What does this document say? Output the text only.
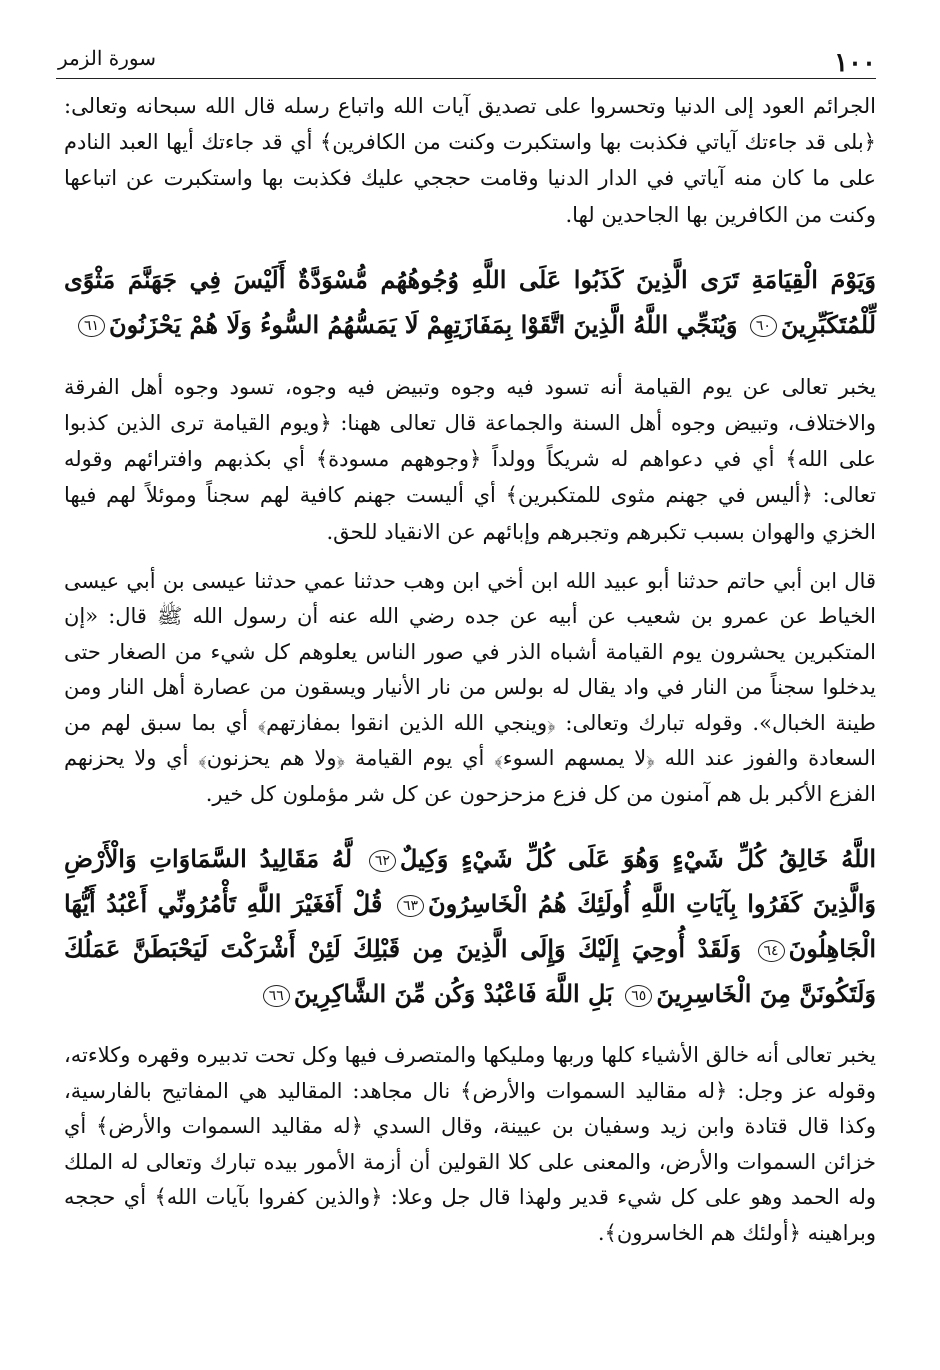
١٠٠
سورة الزمر

الجرائم العود إلى الدنيا وتحسروا على تصديق آيات الله واتباع رسله قال الله سبحانه وتعالى: ﴿بلى قد جاءتك آياتي فكذبت بها واستكبرت وكنت من الكافرين﴾ أي قد جاءتك أيها العبد النادم على ما كان منه آياتي في الدار الدنيا وقامت حججي عليك فكذبت بها واستكبرت عن اتباعها وكنت من الكافرين بها الجاحدين لها.

وَيَوْمَ الْقِيَامَةِ تَرَى الَّذِينَ كَذَبُوا عَلَى اللَّهِ وُجُوهُهُم مُّسْوَدَّةٌ أَلَيْسَ فِي جَهَنَّمَ مَثْوًى لِّلْمُتَكَبِّرِينَ٦٠ وَيُنَجِّي اللَّهُ الَّذِينَ اتَّقَوْا بِمَفَازَتِهِمْ لَا يَمَسُّهُمُ السُّوءُ وَلَا هُمْ يَحْزَنُونَ٦١

يخبر تعالى عن يوم القيامة أنه تسود فيه وجوه وتبيض فيه وجوه، تسود وجوه أهل الفرقة والاختلاف، وتبيض وجوه أهل السنة والجماعة قال تعالى ههنا: ﴿ويوم القيامة ترى الذين كذبوا على الله﴾ أي في دعواهم له شريكاً وولداً ﴿وجوههم مسودة﴾ أي بكذبهم وافترائهم وقوله تعالى: ﴿أليس في جهنم مثوى للمتكبرين﴾ أي أليست جهنم كافية لهم سجناً وموئلاً لهم فيها الخزي والهوان بسبب تكبرهم وتجبرهم وإبائهم عن الانقياد للحق.

قال ابن أبي حاتم حدثنا أبو عبيد الله ابن أخي ابن وهب حدثنا عمي حدثنا عيسى بن أبي عيسى الخياط عن عمرو بن شعيب عن أبيه عن جده رضي الله عنه أن رسول الله ﷺ قال: «إن المتكبرين يحشرون يوم القيامة أشباه الذر في صور الناس يعلوهم كل شيء من الصغار حتى يدخلوا سجناً من النار في واد يقال له بولس من نار الأنيار ويسقون من عصارة أهل النار ومن طينة الخبال». وقوله تبارك وتعالى: ﴿وينجي الله الذين انقوا بمفازتهم﴾ أي بما سبق لهم من السعادة والفوز عند الله ﴿لا يمسهم السوء﴾ أي يوم القيامة ﴿ولا هم يحزنون﴾ أي ولا يحزنهم الفزع الأكبر بل هم آمنون من كل فزع مزحزحون عن كل شر مؤملون كل خير.

اللَّهُ خَالِقُ كُلِّ شَيْءٍ وَهُوَ عَلَى كُلِّ شَيْءٍ وَكِيلٌ٦٢ لَّهُ مَقَالِيدُ السَّمَاوَاتِ وَالْأَرْضِ وَالَّذِينَ كَفَرُوا بِآيَاتِ اللَّهِ أُولَئِكَ هُمُ الْخَاسِرُونَ٦٣ قُلْ أَفَغَيْرَ اللَّهِ تَأْمُرُونِّي أَعْبُدُ أَيُّهَا الْجَاهِلُونَ٦٤ وَلَقَدْ أُوحِيَ إِلَيْكَ وَإِلَى الَّذِينَ مِن قَبْلِكَ لَئِنْ أَشْرَكْتَ لَيَحْبَطَنَّ عَمَلُكَ وَلَتَكُونَنَّ مِنَ الْخَاسِرِينَ٦٥ بَلِ اللَّهَ فَاعْبُدْ وَكُن مِّنَ الشَّاكِرِينَ٦٦

يخبر تعالى أنه خالق الأشياء كلها وربها ومليكها والمتصرف فيها وكل تحت تدبيره وقهره وكلاءته، وقوله عز وجل: ﴿له مقاليد السموات والأرض﴾ نال مجاهد: المقاليد هي المفاتيح بالفارسية، وكذا قال قتادة وابن زيد وسفيان بن عيينة، وقال السدي ﴿له مقاليد السموات والأرض﴾ أي خزائن السموات والأرض، والمعنى على كلا القولين أن أزمة الأمور بيده تبارك وتعالى له الملك وله الحمد وهو على كل شيء قدير ولهذا قال جل وعلا: ﴿والذين كفروا بآيات الله﴾ أي حججه وبراهينه ﴿أولئك هم الخاسرون﴾.
